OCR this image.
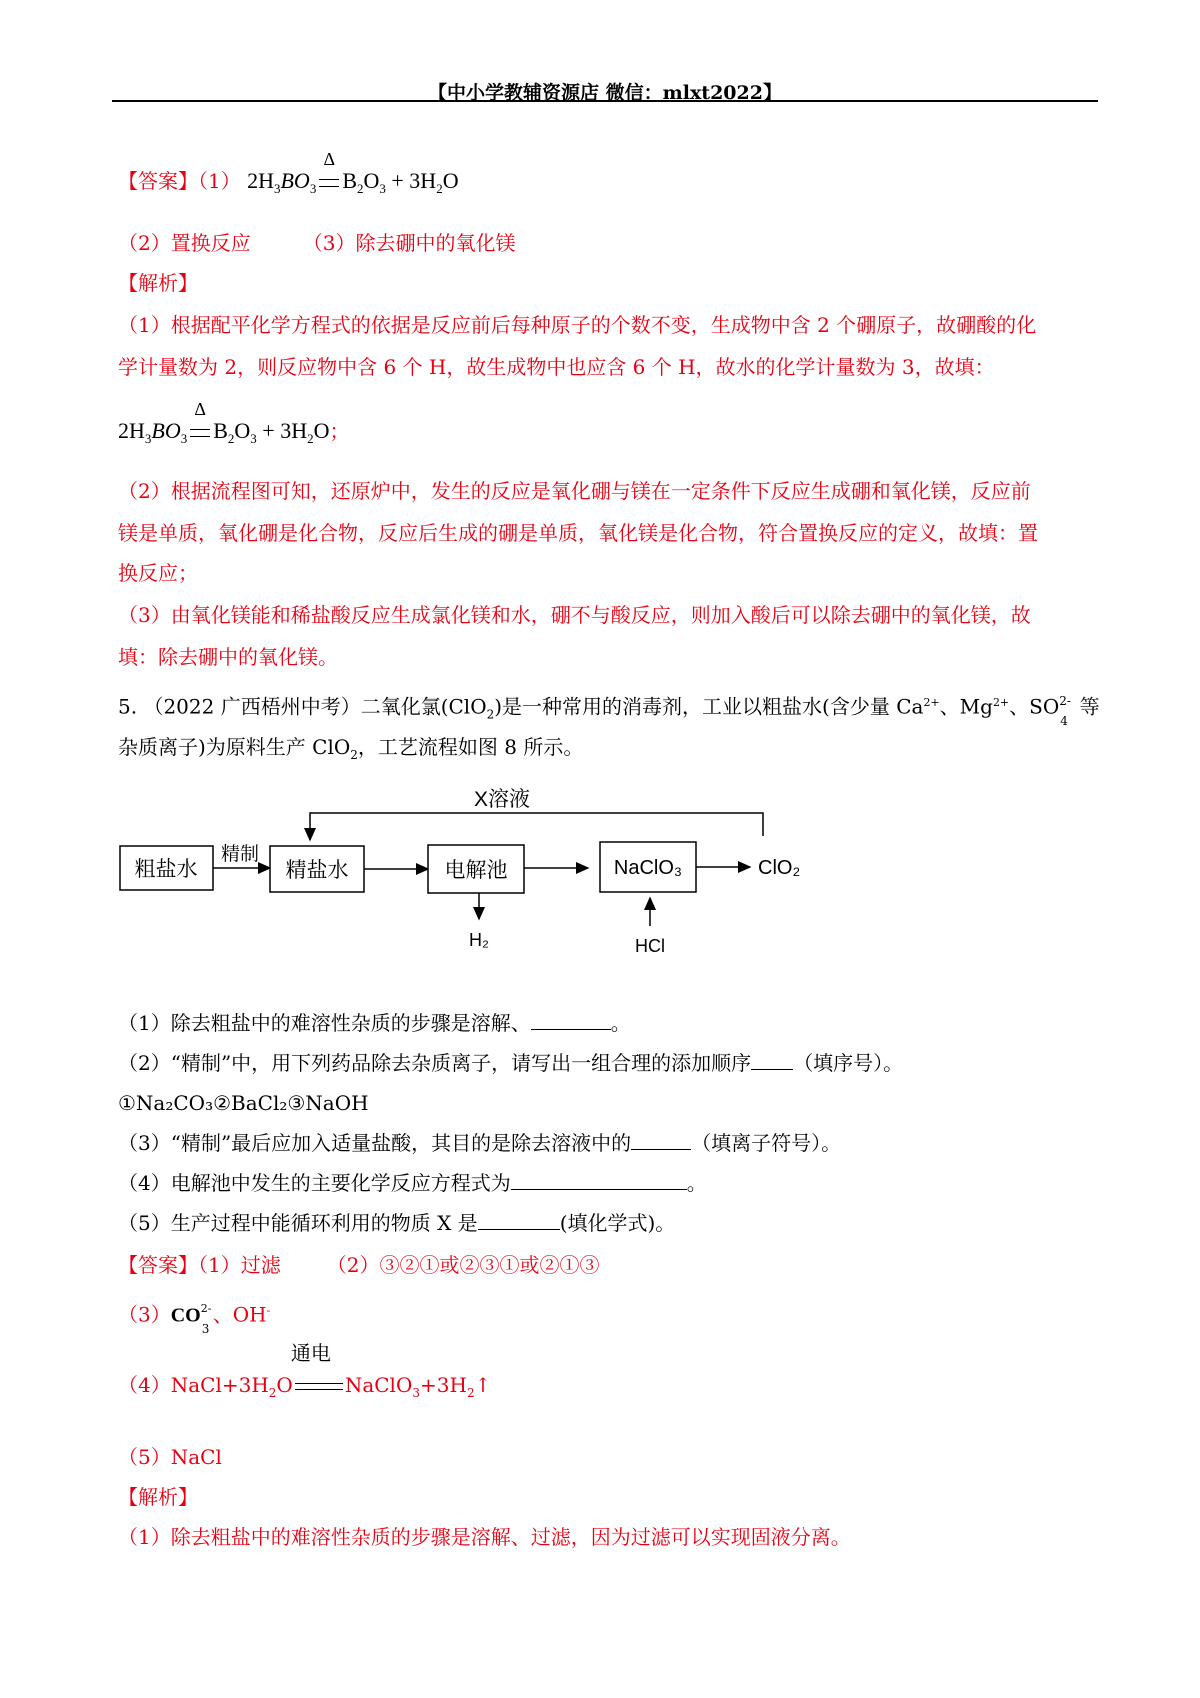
【中小学教辅资源店 微信：mlxt2022】
【答案】（1） $2H_3BO_3$
Δ
$B_2O_3 + 3H_2O$
（2）置换反应	（3）除去硼中的氧化镁
【解析】
（1）根据配平化学方程式的依据是反应前后每种原子的个数不变，生成物中含 2 个硼原子，故硼酸的化
学计量数为 2，则反应物中含 6 个 H，故生成物中也应含 6 个 H，故水的化学计量数为 3，故填：
$2H_3BO_3$
Δ
$B_2O_3 + 3H_2O$；
（2）根据流程图可知，还原炉中，发生的反应是氧化硼与镁在一定条件下反应生成硼和氧化镁，反应前
镁是单质，氧化硼是化合物，反应后生成的硼是单质，氧化镁是化合物，符合置换反应的定义，故填：置
换反应；
（3）由氧化镁能和稀盐酸反应生成氯化镁和水，硼不与酸反应，则加入酸后可以除去硼中的氧化镁，故
填：除去硼中的氧化镁。
5. （2022 广西梧州中考）二氧化氯(ClO$_2$)是一种常用的消毒剂，工业以粗盐水(含少量 $Ca^{2+}$、$Mg^{2+}$、SO 2-
4
等
杂质离子)为原料生产 ClO$_2$，工艺流程如图 8 所示。
X溶液
粗盐水
精制
精盐水	电解池
H₂
NaClO₃
HCl
ClO₂
（1）除去粗盐中的难溶性杂质的步骤是溶解、	。
（2）“精制”中，用下列药品除去杂质离子，请写出一组合理的添加顺序 （填序号）。
①Na₂CO₃②BaCl₂③NaOH
（3）“精制”最后应加入适量盐酸，其目的是除去溶液中的	（填离子符号）。
（4）电解池中发生的主要化学反应方程式为	。
（5）生产过程中能循环利用的物质 X 是	(填化学式)。
【答案】（1）过滤 （2）③②①或②③①或②①③
（3）CO 2-
3
、OH-
$(4)NaCl+3H_2O$
通电
$NaClO_3+3H_2↑$
（5）NaCl
【解析】
（1）除去粗盐中的难溶性杂质的步骤是溶解、过滤，因为过滤可以实现固液分离。
